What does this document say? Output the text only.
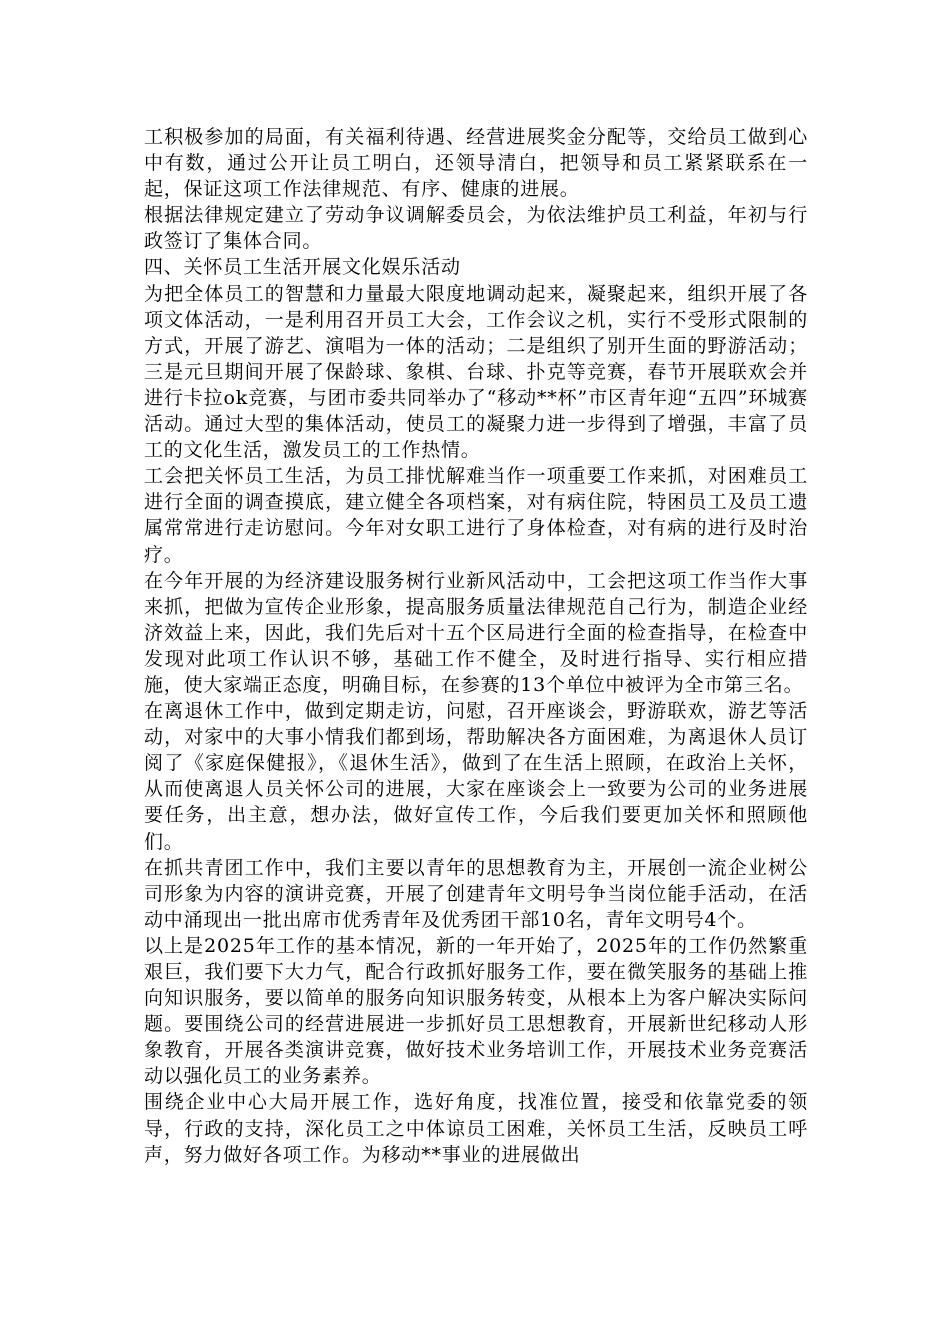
工积极参加的局面，有关福利待遇、经营进展奖金分配等，交给员工做到心中有数，通过公开让员工明白，还领导清白，把领导和员工紧紧联系在一起，保证这项工作法律规范、有序、健康的进展。

根据法律规定建立了劳动争议调解委员会，为依法维护员工利益，年初与行政签订了集体合同。

四、关怀员工生活开展文化娱乐活动

为把全体员工的智慧和力量最大限度地调动起来，凝聚起来，组织开展了各项文体活动，一是利用召开员工大会，工作会议之机，实行不受形式限制的方式，开展了游艺、演唱为一体的活动；二是组织了别开生面的野游活动；三是元旦期间开展了保龄球、象棋、台球、扑克等竞赛，春节开展联欢会并进行卡拉ok竞赛，与团市委共同举办了“移动**杯”市区青年迎“五四”环城赛活动。通过大型的集体活动，使员工的凝聚力进一步得到了增强，丰富了员工的文化生活，激发员工的工作热情。

工会把关怀员工生活，为员工排忧解难当作一项重要工作来抓，对困难员工进行全面的调查摸底，建立健全各项档案，对有病住院，特困员工及员工遗属常常进行走访慰问。今年对女职工进行了身体检查，对有病的进行及时治疗。

在今年开展的为经济建设服务树行业新风活动中，工会把这项工作当作大事来抓，把做为宣传企业形象，提高服务质量法律规范自己行为，制造企业经济效益上来，因此，我们先后对十五个区局进行全面的检查指导，在检查中发现对此项工作认识不够，基础工作不健全，及时进行指导、实行相应措施，使大家端正态度，明确目标，在参赛的13个单位中被评为全市第三名。

在离退休工作中，做到定期走访，问慰，召开座谈会，野游联欢，游艺等活动，对家中的大事小情我们都到场，帮助解决各方面困难，为离退休人员订阅了《家庭保健报》，《退休生活》，做到了在生活上照顾，在政治上关怀，从而使离退人员关怀公司的进展，大家在座谈会上一致要为公司的业务进展要任务，出主意，想办法，做好宣传工作，今后我们要更加关怀和照顾他们。

在抓共青团工作中，我们主要以青年的思想教育为主，开展创一流企业树公司形象为内容的演讲竞赛，开展了创建青年文明号争当岗位能手活动，在活动中涌现出一批出席市优秀青年及优秀团干部10名，青年文明号4个。

以上是2025年工作的基本情况，新的一年开始了，2025年的工作仍然繁重艰巨，我们要下大力气，配合行政抓好服务工作，要在微笑服务的基础上推向知识服务，要以简单的服务向知识服务转变，从根本上为客户解决实际问题。要围绕公司的经营进展进一步抓好员工思想教育，开展新世纪移动人形象教育，开展各类演讲竞赛，做好技术业务培训工作，开展技术业务竞赛活动以强化员工的业务素养。

围绕企业中心大局开展工作，选好角度，找准位置，接受和依靠党委的领导，行政的支持，深化员工之中体谅员工困难，关怀员工生活，反映员工呼声，努力做好各项工作。为移动**事业的进展做出
